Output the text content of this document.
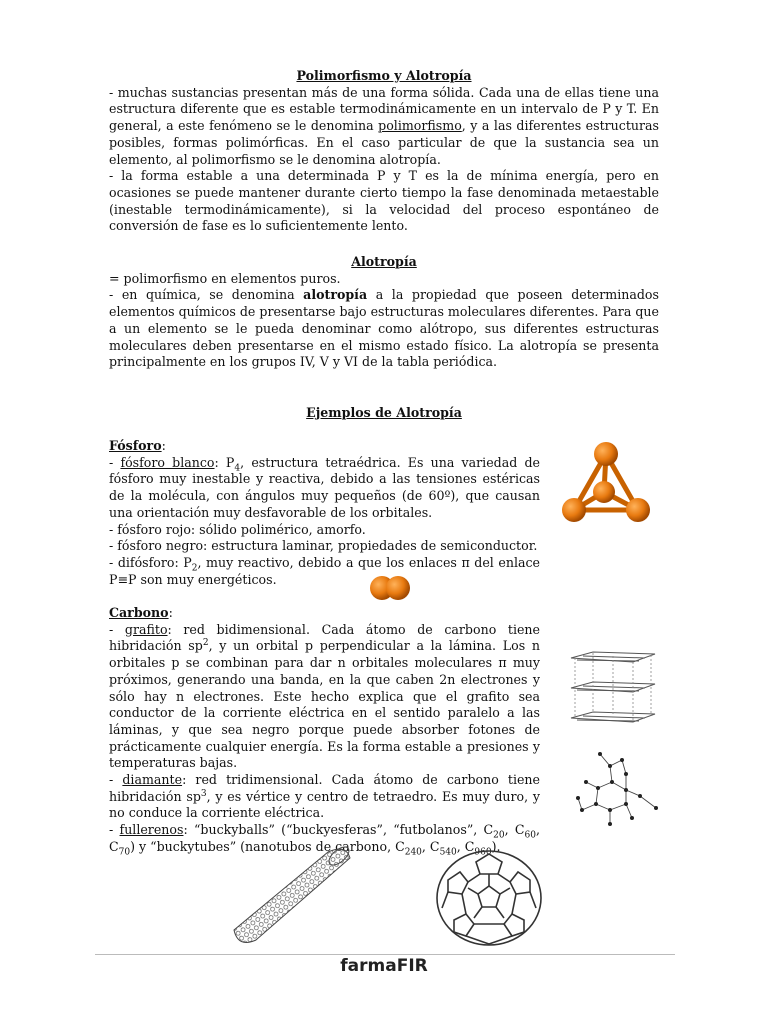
Polimorfismo y Alotropía

- muchas sustancias presentan más de una forma sólida. Cada una de ellas tiene una estructura diferente que es estable termodinámicamente en un intervalo de P y T. En general, a este fenómeno se le denomina polimorfismo, y a las diferentes estructuras posibles, formas polimórficas. En el caso particular de que la sustancia sea un elemento, al polimorfismo se le denomina alotropía.

- la forma estable a una determinada P y T es la de mínima energía, pero en ocasiones se puede mantener durante cierto tiempo la fase denominada metaestable (inestable termodinámicamente), si la velocidad del proceso espontáneo de conversión de fase es lo suficientemente lento.

Alotropía

= polimorfismo en elementos puros.

- en química, se denomina alotropía a la propiedad que poseen determinados elementos químicos de presentarse bajo estructuras moleculares diferentes. Para que a un elemento se le pueda denominar como alótropo, sus diferentes estructuras moleculares deben presentarse en el mismo estado físico. La alotropía se presenta principalmente en los grupos IV, V y VI de la tabla periódica.

Ejemplos de Alotropía

Fósforo:

- fósforo blanco: $P_4$, estructura tetraédrica. Es una variedad de fósforo muy inestable y reactiva, debido a las tensiones estéricas de la molécula, con ángulos muy pequeños (de 60º), que causan una orientación muy desfavorable de los orbitales.

- fósforo rojo: sólido polimérico, amorfo.

- fósforo negro: estructura laminar, propiedades de semiconductor.

- difósforo: $P_2$, muy reactivo, debido a que los enlaces π del enlace P≡P son muy energéticos.

Carbono:

- grafito: red bidimensional. Cada átomo de carbono tiene hibridación $sp^2$, y un orbital p perpendicular a la lámina. Los n orbitales p se combinan para dar n orbitales moleculares π muy próximos, generando una banda, en la que caben 2n electrones y sólo hay n electrones. Este hecho explica que el grafito sea conductor de la corriente eléctrica en el sentido paralelo a las láminas, y que sea negro porque puede absorber fotones de prácticamente cualquier energía. Es la forma estable a presiones y temperaturas bajas.

- diamante: red tridimensional. Cada átomo de carbono tiene hibridación $sp^3$, y es vértice y centro de tetraedro. Es muy duro, y no conduce la corriente eléctrica.

- fullerenos: “buckyballs” (“buckyesferas”, “futbolanos”, $C_{20}$, $C_{60}$, $C_{70}$) y “buckytubes” (nanotubos de carbono, $C_{240}$, $C_{540}$, $C_{960}$).

farmaFIR
